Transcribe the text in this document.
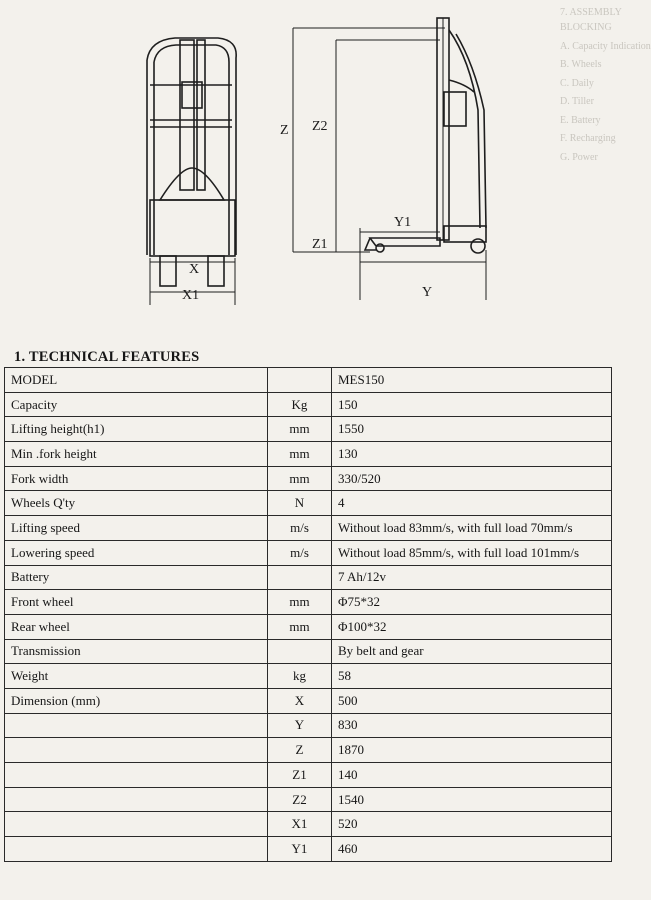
7. ASSEMBLY
BLOCKING
A. Capacity Indication
B. Wheels
C. Daily
D. Tiller
E. Battery
F. Recharging
G. Power
X
X1
Z Z2
Z1
Y1
Y
1. TECHNICAL FEATURES
MODEL		MES150
Capacity	Kg	150
Lifting height(h1)	mm	1550
Min .fork height	mm	130
Fork width	mm	330/520
Wheels Q'ty	N	4
Lifting speed	m/s	Without load 83mm/s, with full load 70mm/s
Lowering speed	m/s	Without load 85mm/s, with full load 101mm/s
Battery		7 Ah/12v
Front wheel	mm	Φ75*32
Rear wheel	mm	Φ100*32
Transmission		By belt and gear
Weight	kg	58
Dimension (mm)	X	500
	Y	830
	Z	1870
	Z1	140
	Z2	1540
	X1	520
	Y1	460
